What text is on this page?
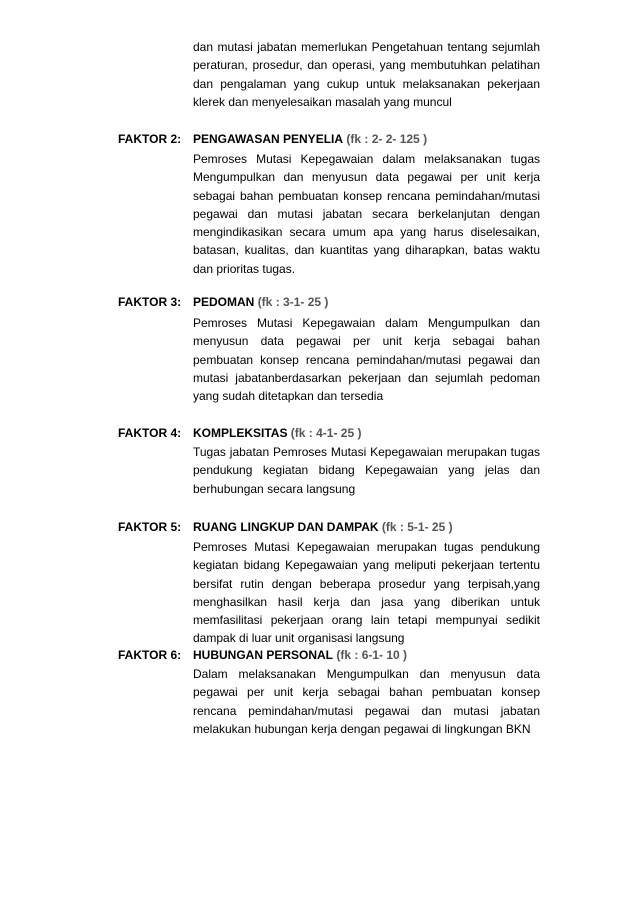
dan mutasi jabatan memerlukan Pengetahuan tentang sejumlah peraturan, prosedur, dan operasi, yang membutuhkan pelatihan dan pengalaman yang cukup untuk melaksanakan pekerjaan klerek dan menyelesaikan masalah yang muncul
FAKTOR 2: PENGAWASAN PENYELIA (fk : 2- 2- 125 )
Pemroses Mutasi Kepegawaian dalam melaksanakan tugas Mengumpulkan dan menyusun data pegawai per unit kerja sebagai bahan pembuatan konsep rencana pemindahan/mutasi pegawai dan mutasi jabatan secara berkelanjutan dengan mengindikasikan secara umum apa yang harus diselesaikan, batasan, kualitas, dan kuantitas yang diharapkan, batas waktu dan prioritas tugas.
FAKTOR 3: PEDOMAN (fk : 3-1- 25 )
Pemroses Mutasi Kepegawaian dalam Mengumpulkan dan menyusun data pegawai per unit kerja sebagai bahan pembuatan konsep rencana pemindahan/mutasi pegawai dan mutasi jabatanberdasarkan pekerjaan dan sejumlah pedoman yang sudah ditetapkan dan tersedia
FAKTOR 4: KOMPLEKSITAS (fk : 4-1- 25 )
Tugas jabatan Pemroses Mutasi Kepegawaian merupakan tugas pendukung kegiatan bidang Kepegawaian yang jelas dan berhubungan secara langsung
FAKTOR 5: RUANG LINGKUP DAN DAMPAK (fk : 5-1- 25 )
Pemroses Mutasi Kepegawaian merupakan tugas pendukung kegiatan bidang Kepegawaian yang meliputi pekerjaan tertentu bersifat rutin dengan beberapa prosedur yang terpisah,yang menghasilkan hasil kerja dan jasa yang diberikan untuk memfasilitasi pekerjaan orang lain tetapi mempunyai sedikit dampak di luar unit organisasi langsung
FAKTOR 6: HUBUNGAN PERSONAL (fk : 6-1- 10 )
Dalam melaksanakan Mengumpulkan dan menyusun data pegawai per unit kerja sebagai bahan pembuatan konsep rencana pemindahan/mutasi pegawai dan mutasi jabatan melakukan hubungan kerja dengan pegawai di lingkungan BKN
